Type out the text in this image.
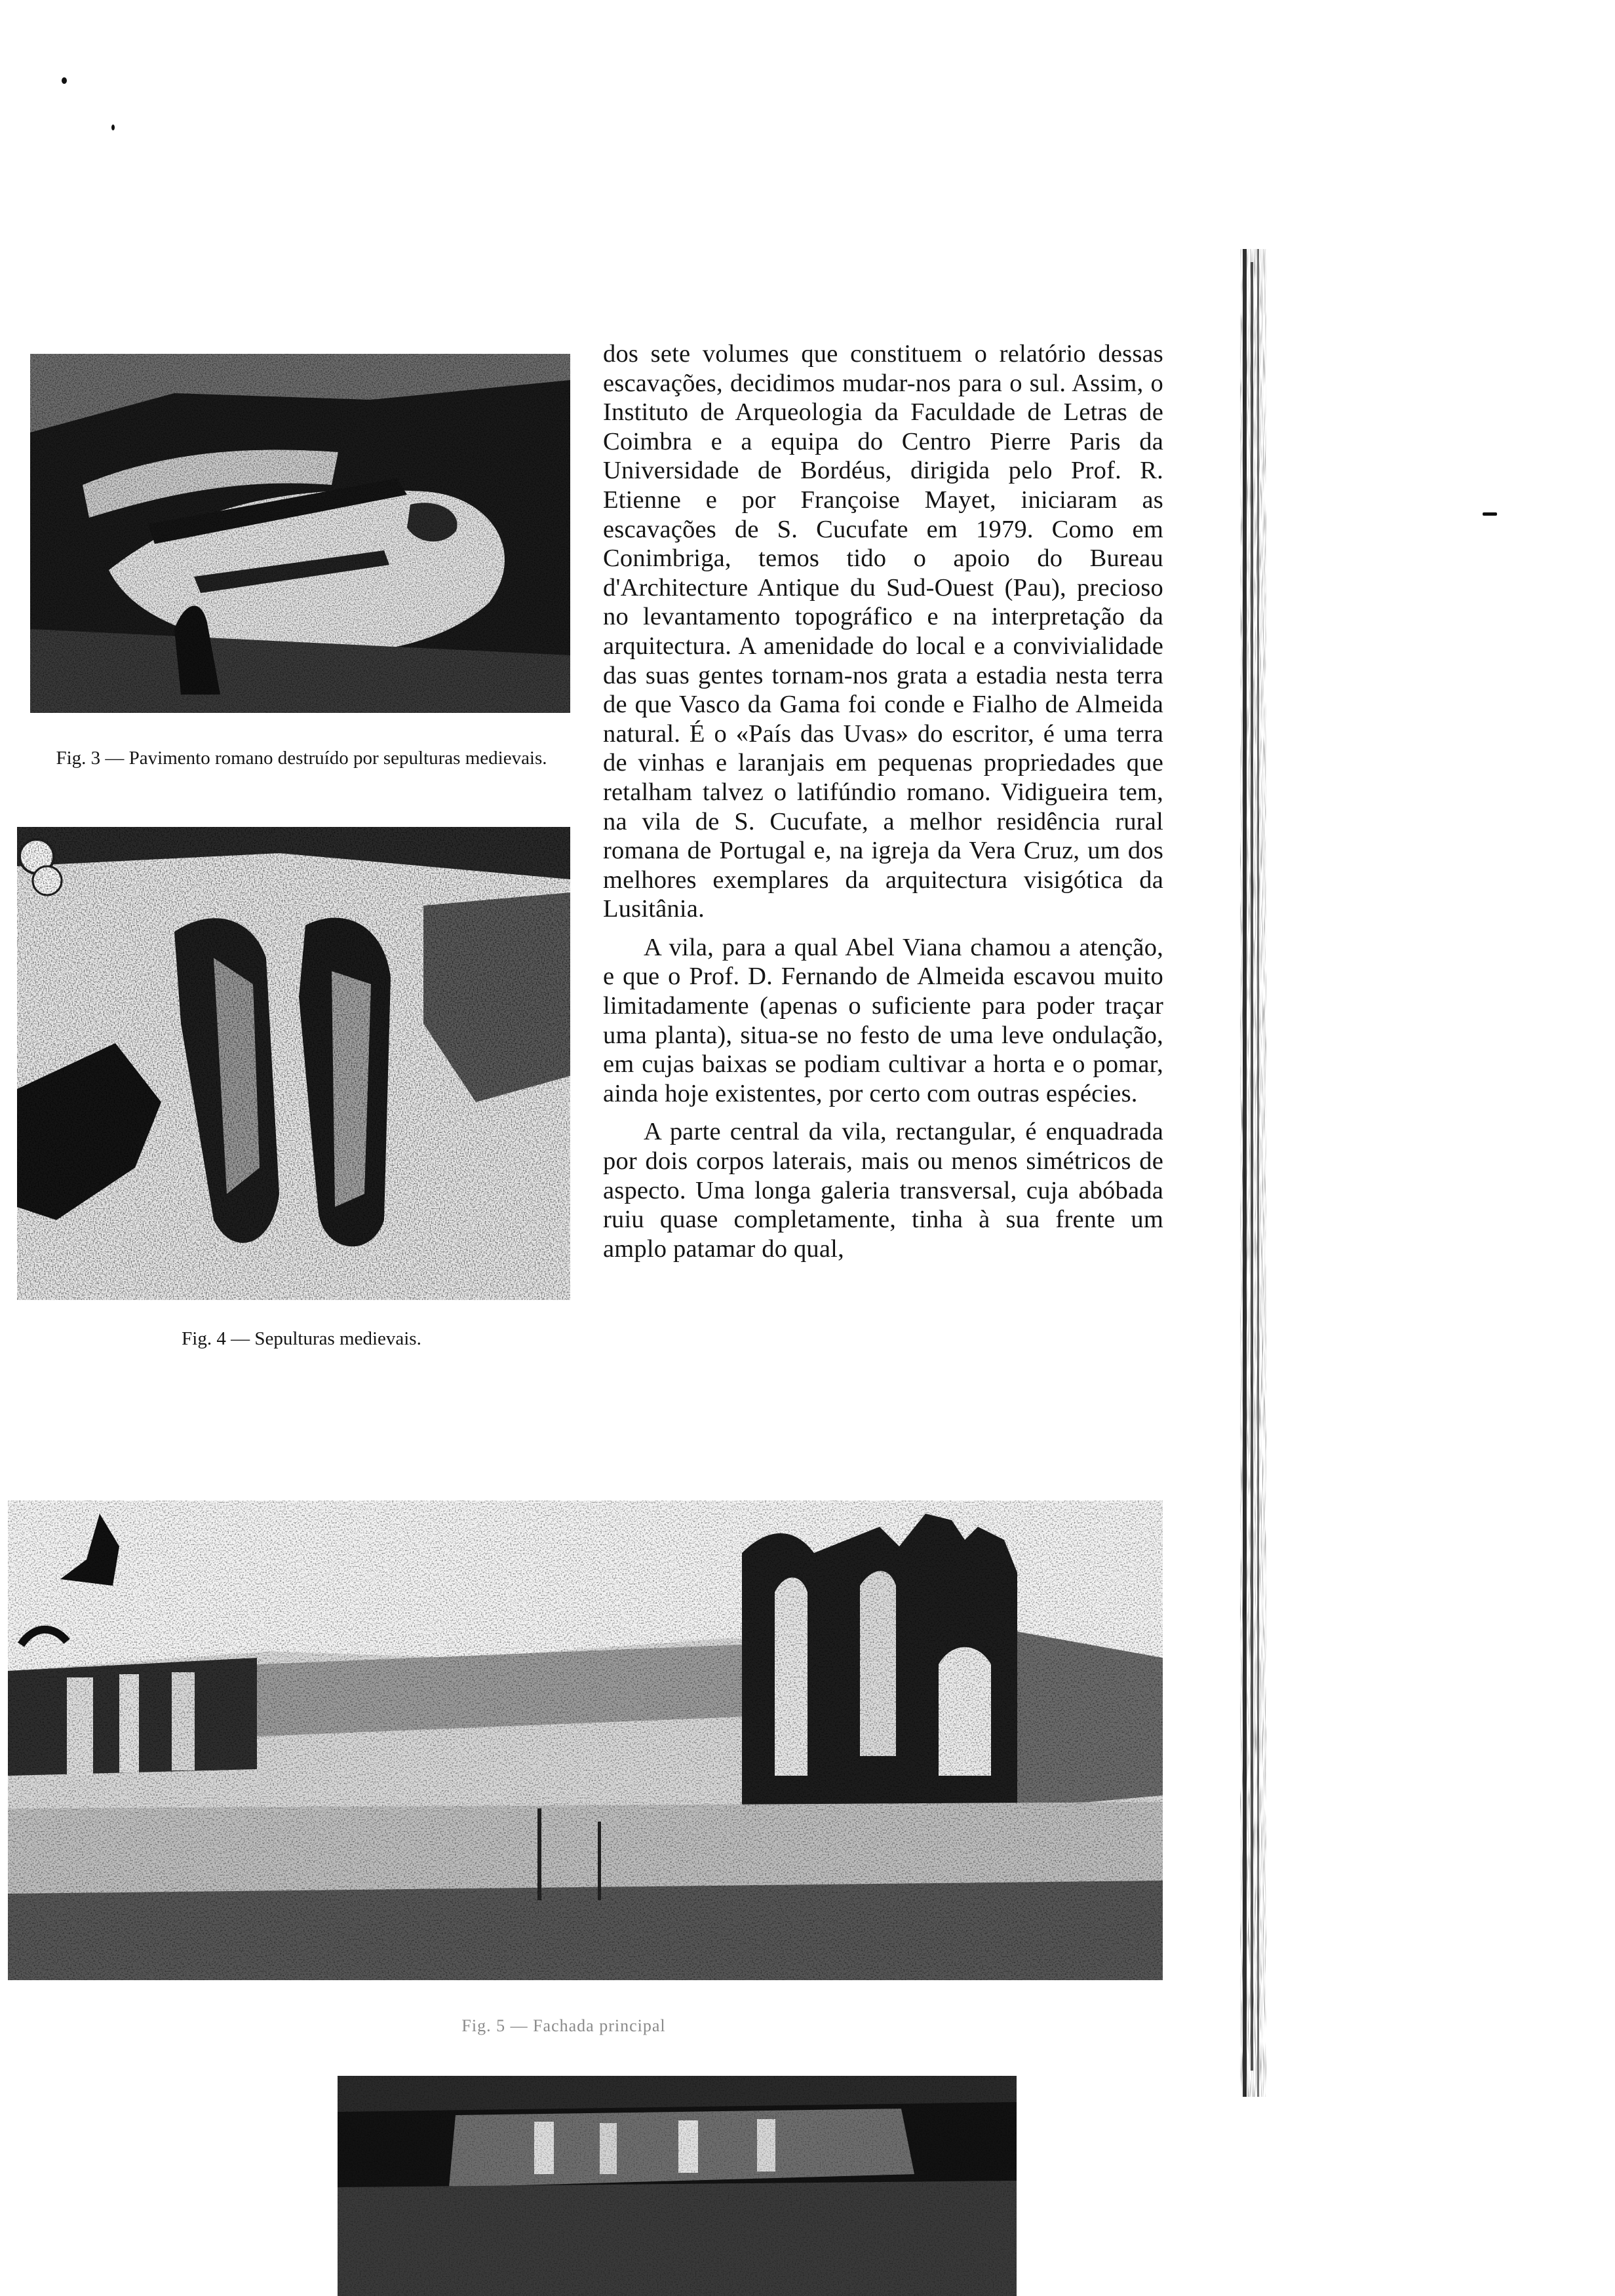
Fig. 3 — Pavimento romano destruído por sepulturas medievais.
Fig. 4 — Sepulturas medievais.

dos sete volumes que constituem o relatório dessas escavações, decidimos mudar-nos para o sul. Assim, o Instituto de Arqueologia da Faculdade de Letras de Coimbra e a equipa do Centro Pierre Paris da Universidade de Bordéus, dirigida pelo Prof. R. Etienne e por Françoise Mayet, iniciaram as escavações de S. Cucufate em 1979. Como em Conimbriga, temos tido o apoio do Bureau d'Architecture Antique du Sud-Ouest (Pau), precioso no levantamento topográfico e na interpretação da arquitectura. A amenidade do local e a convivialidade das suas gentes tornam-nos grata a estadia nesta terra de que Vasco da Gama foi conde e Fialho de Almeida natural. É o «País das Uvas» do escritor, é uma terra de vinhas e laranjais em pequenas propriedades que retalham talvez o latifúndio romano. Vidigueira tem, na vila de S. Cucufate, a melhor residência rural romana de Portugal e, na igreja da Vera Cruz, um dos melhores exemplares da arquitectura visigótica da Lusitânia.

A vila, para a qual Abel Viana chamou a atenção, e que o Prof. D. Fernando de Almeida escavou muito limitadamente (apenas o suficiente para poder traçar uma planta), situa-se no festo de uma leve ondulação, em cujas baixas se podiam cultivar a horta e o pomar, ainda hoje existentes, por certo com outras espécies.

A parte central da vila, rectangular, é enquadrada por dois corpos laterais, mais ou menos simétricos de aspecto. Uma longa galeria transversal, cuja abóbada ruiu quase completamente, tinha à sua frente um amplo patamar do qual,

Fig. 5 — Fachada principal
